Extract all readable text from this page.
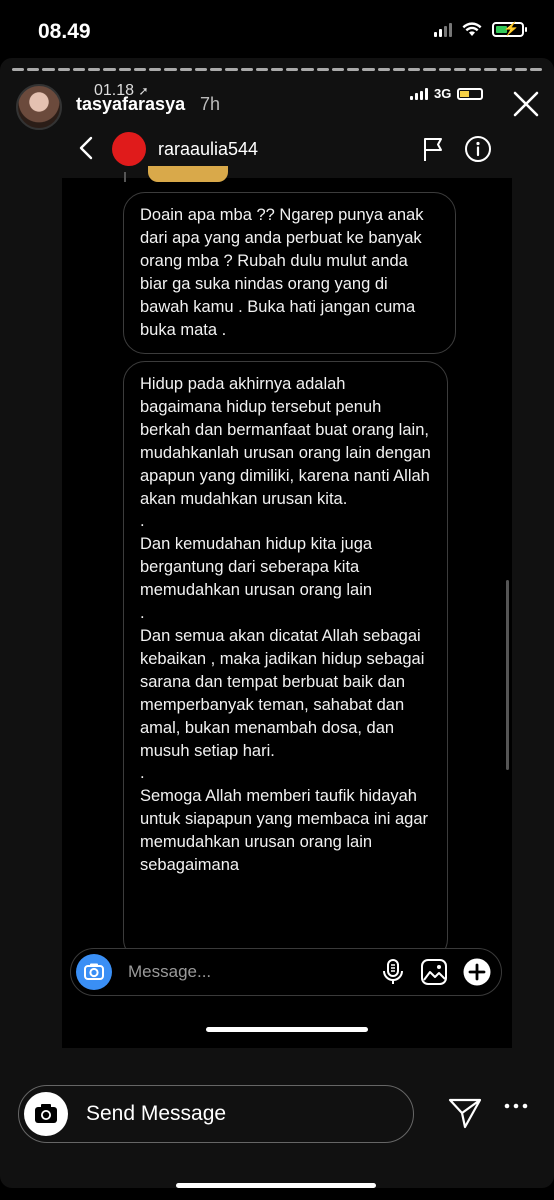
08.49	⚡
tasyafarasya 7h
01.18 ➚	3G
raraaulia544
Doain apa mba ?? Ngarep punya anak dari apa yang anda perbuat ke banyak orang mba ? Rubah dulu mulut anda biar ga suka nindas orang yang di bawah kamu . Buka hati jangan cuma buka mata .

Hidup pada akhirnya adalah bagaimana hidup tersebut penuh berkah dan bermanfaat buat orang lain, mudahkanlah urusan orang lain dengan apapun yang dimiliki, karena nanti Allah akan mudahkan urusan kita.

.

Dan kemudahan hidup kita juga bergantung dari seberapa kita memudahkan urusan orang lain

.

Dan semua akan dicatat Allah sebagai kebaikan , maka jadikan hidup sebagai sarana dan tempat berbuat baik dan memperbanyak teman, sahabat dan amal, bukan menambah dosa, dan musuh setiap hari.

.

Semoga Allah memberi taufik hidayah untuk siapapun yang membaca ini agar memudahkan urusan orang lain sebagaimana

Message...
Send Message
